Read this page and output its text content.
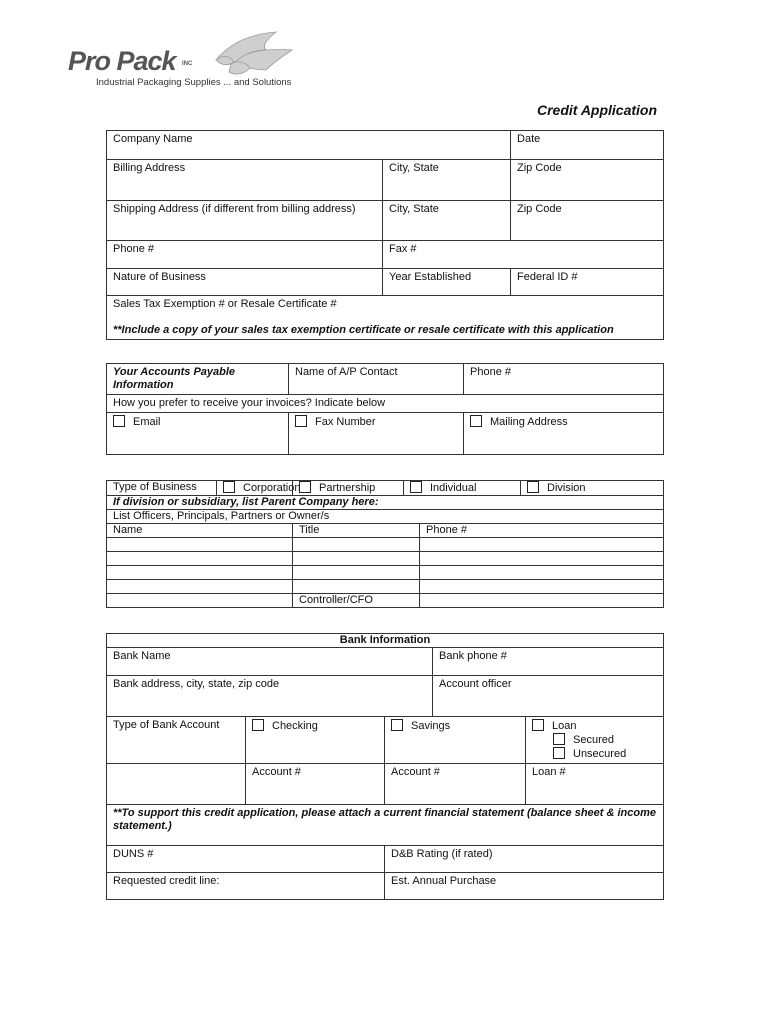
Pro Pack INC
Industrial Packaging Supplies ... and Solutions
Credit Application
Company Name		Date
Billing Address	City, State	Zip Code
Shipping Address (if different from billing address)	City, State	Zip Code
Phone #	Fax #	
Nature of Business	Year Established	Federal ID #

Sales Tax Exemption # or Resale Certificate #
**Include a copy of your sales tax exemption certificate or resale certificate with this application		
Your Accounts Payable Information	Name of A/P Contact	Phone #
How you prefer to receive your invoices? Indicate below		
Email	Fax Number	Mailing Address
Type of Business	Corporation	Partnership	Individual		Division
If division or subsidiary, list Parent Company here:					
List Officers, Principals, Partners or Owner/s					
Name		Title		Phone #	

		Controller/CFO			
Bank Information				
Bank Name			Bank phone #	
Bank address, city, state, zip code			Account officer	
Type of Bank Account	Checking	Savings		Loan
Secured
Unsecured

	Account #	Account #		Loan #
**To support this credit application, please attach a current financial statement (balance sheet & income statement.)				
DUNS #		D&B Rating (if rated)		
Requested credit line:		Est. Annual Purchase		
